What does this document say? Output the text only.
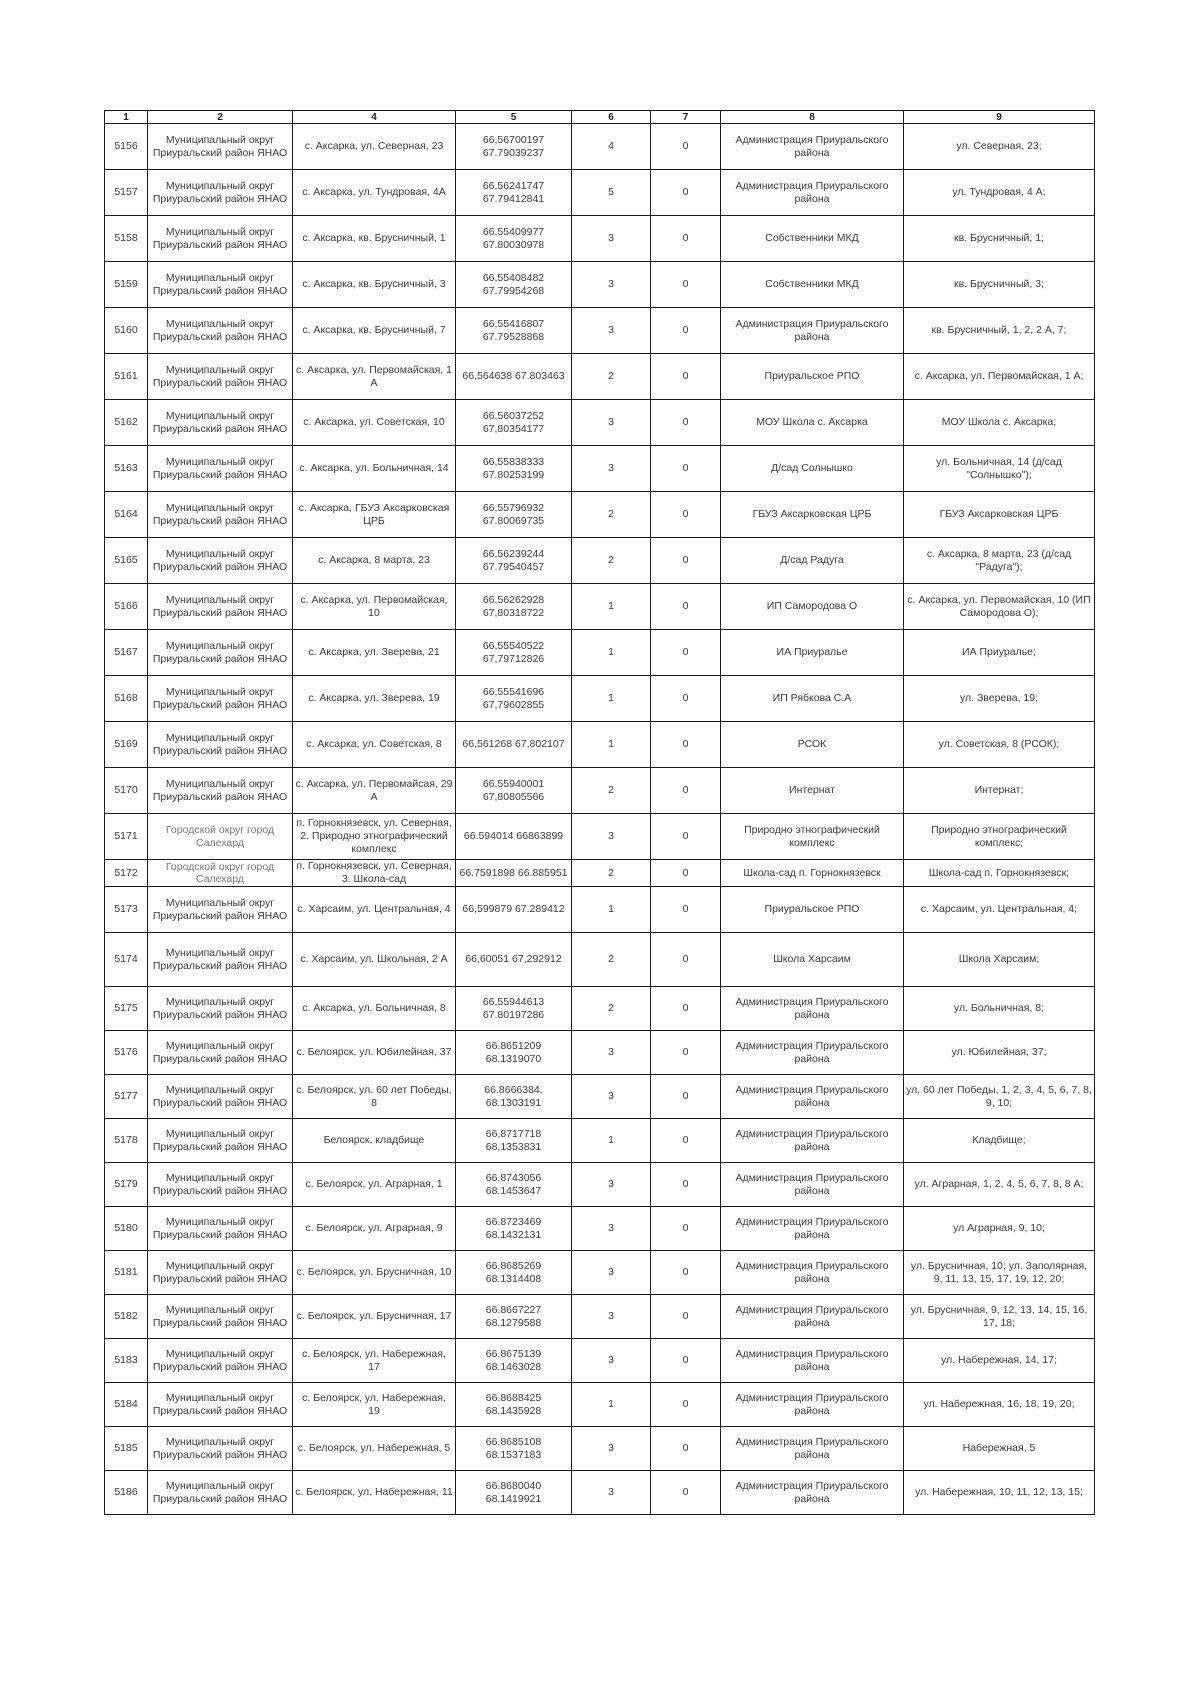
1	2	4	5	6	7	8	9
5156	Муниципальный округ Приуральский район ЯНАО	с. Аксарка, ул. Северная, 23	66,56700197 67.79039237	4	0	Администрация Приуральского района	ул. Северная, 23;
5157	Муниципальный округ Приуральский район ЯНАО	с. Аксарка, ул. Тундровая, 4А	66,56241747 67.79412841	5	0	Администрация Приуральского района	ул. Тундровая, 4 А;
5158	Муниципальный округ Приуральский район ЯНАО	с. Аксарка, кв. Брусничный, 1	66,55409977 67.80030978	3	0	Собственники МКД	кв. Брусничный, 1;
5159	Муниципальный округ Приуральский район ЯНАО	с. Аксарка, кв. Брусничный, 3	66,55408482 67.79954268	3	0	Собственники МКД	кв. Брусничный, 3;
5160	Муниципальный округ Приуральский район ЯНАО	с. Аксарка, кв. Брусничный, 7	66,55416807 67.79528868	3	0	Администрация Приуральского района	кв. Брусничный, 1, 2, 2 А, 7;
5161	Муниципальный округ Приуральский район ЯНАО	с. Аксарка, ул. Первомайская, 1 А	66,564638 67.803463	2	0	Приуральское РПО	с. Аксарка, ул. Первомайская, 1 А;
5162	Муниципальный округ Приуральский район ЯНАО	с. Аксарка, ул. Советская, 10	66,56037252 67,80354177	3	0	МОУ Школа с. Аксарка	МОУ Школа с. Аксарка;
5163	Муниципальный округ Приуральский район ЯНАО	с. Аксарка, ул. Больничная, 14	66,55838333 67.80253199	3	0	Д/сад Солнышко	ул. Больничная, 14 (д/сад "Солнышко");
5164	Муниципальный округ Приуральский район ЯНАО	с. Аксарка, ГБУЗ Аксарковская ЦРБ	66,55796932 67.80069735	2	0	ГБУЗ Аксарковская ЦРБ	ГБУЗ Аксарковская ЦРБ
5165	Муниципальный округ Приуральский район ЯНАО	с. Аксарка, 8 марта, 23	66,56239244 67.79540457	2	0	Д/сад Радуга	с. Аксарка, 8 марта, 23 (д/сад "Радуга");
5166	Муниципальный округ Приуральский район ЯНАО	с. Аксарка, ул. Первомайская, 10	66,56262928 67,80318722	1	0	ИП Самородова О	с. Аксарка, ул. Первомайская, 10 (ИП Самородова О);
5167	Муниципальный округ Приуральский район ЯНАО	с. Аксарка, ул. Зверева, 21	66,55540522 67,79712826	1	0	ИА Приуралье	ИА Приуралье;
5168	Муниципальный округ Приуральский район ЯНАО	с. Аксарка, ул. Зверева, 19	66,55541696 67,79602855	1	0	ИП Рябкова С.А	ул. Зверева, 19;
5169	Муниципальный округ Приуральский район ЯНАО	с. Аксарка, ул. Советская, 8	66,561268 67,802107	1	0	РСОК	ул. Советская, 8 (РСОК);
5170	Муниципальный округ Приуральский район ЯНАО	с. Аксарка, ул. Первомайсая, 29 А	66,55940001 67,80805566	2	0	Интернат	Интернат;
5171	Городской округ город Салехард	п. Горнокнязевск, ул. Северная, 2. Природно этнографический комплекс	66.594014 66863899	3	0	Природно этнографический комплекс	Природно этнографический комплекс;
5172	Городской округ город Салехард	п. Горнокнязевск, ул. Северная, 3. Школа-сад	66.7591898 66.885951	2	0	Школа-сад п. Горнокнязевск	Школа-сад п. Горнокнязевск;
5173	Муниципальный округ Приуральский район ЯНАО	с. Харсаим, ул. Центральная, 4	66,599879 67.289412	1	0	Приуральское РПО	с. Харсаим, ул. Центральная, 4;
5174	Муниципальный округ Приуральский район ЯНАО	с. Харсаим, ул. Школьная, 2 А	66,60051 67,292912	2	0	Школа Харсаим	Школа Харсаим;
5175	Муниципальный округ Приуральский район ЯНАО	с. Аксарка, ул. Больничная, 8	66,55944613 67.80197286	2	0	Администрация Приуральского района	ул. Больничная, 8;
5176	Муниципальный округ Приуральский район ЯНАО	с. Белоярск, ул. Юбилейная, 37	66.8651209 68.1319070	3	0	Администрация Приуральского района	ул. Юбилейная, 37;
5177	Муниципальный округ Приуральский район ЯНАО	с. Белоярск, ул. 60 лет Победы, 8	66.8666384. 68.1303191	3	0	Администрация Приуральского района	ул. 60 лет Победы, 1, 2, 3, 4, 5, 6, 7, 8, 9, 10;
5178	Муниципальный округ Приуральский район ЯНАО	Белоярск, кладбище	66,8717718 68,1353831	1	0	Администрация Приуральского района	Кладбище;
5179	Муниципальный округ Приуральский район ЯНАО	с. Белоярск, ул. Аграрная, 1	66.8743056 68.1453647	3	0	Администрация Приуральского района	ул. Аграрная, 1, 2, 4, 5, 6, 7, 8, 8 А;
5180	Муниципальный округ Приуральский район ЯНАО	с. Белоярск, ул. Аграрная, 9	66.8723469 68.1432131	3	0	Администрация Приуральского района	ул Аграрная, 9, 10;
5181	Муниципальный округ Приуральский район ЯНАО	с. Белоярск, ул. Брусничная, 10	66.8685269 68.1314408	3	0	Администрация Приуральского района	ул. Брусничная, 10; ул. Заполярная, 9, 11, 13, 15, 17, 19, 12, 20;
5182	Муниципальный округ Приуральский район ЯНАО	с. Белоярск, ул. Брусничная, 17	66.8667227 68.1279588	3	0	Администрация Приуральского района	ул. Брусничная, 9, 12, 13, 14, 15, 16, 17, 18;
5183	Муниципальный округ Приуральский район ЯНАО	с. Белоярск, ул. Набережная, 17	66.8675139 68.1463028	3	0	Администрация Приуральского района	ул. Набережная, 14, 17;
5184	Муниципальный округ Приуральский район ЯНАО	с. Белоярск, ул. Набережная, 19	66.8688425 68.1435928	1	0	Администрация Приуральского района	ул. Набережная, 16, 18, 19, 20;
5185	Муниципальный округ Приуральский район ЯНАО	с. Белоярск, ул. Набережная, 5	66.8685108 68.1537183	3	0	Администрация Приуральского района	Набережная, 5
5186	Муниципальный округ Приуральский район ЯНАО	с. Белоярск, ул. Набережная, 11	66.8680040 68.1419921	3	0	Администрация Приуральского района	ул. Набережная, 10, 11, 12, 13, 15;
